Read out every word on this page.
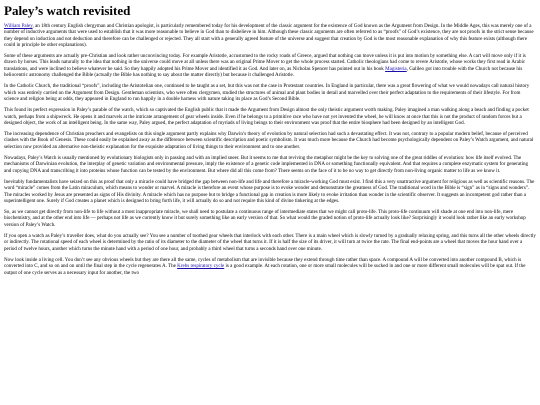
Paley’s watch revisited

William Paley, an 18th century English clergyman and Christian apologist, is particularly remembered today for his development of the classic argument for the existence of God known as the Argument from Design. In the Middle Ages, this was merely one of a number of inductive arguments that were used to establish that it was more reasonable to believe in God than to disbelieve in him. Although these classic arguments are often referred to as “proofs” of God’s existence, they are not proofs in the strict sense because they depend on induction and not deduction and therefore can be challenged or rejected. They all start with a generally agreed feature of the universe and suggest that creation by God is the most reasonable explanation of why this feature exists (although there could in principle be other explanations).

Some of these arguments are actually pre-Christian and look rather unconvincing today. For example Aristotle, accustomed to the rocky roads of Greece, argued that nothing can move unless it is put into motion by something else. A cart will move only if it is drawn by horses. This leads naturally to the idea that nothing in the universe could move at all unless there was an original Prime Mover to get the whole process started. Catholic theologians had come to revere Aristotle, whose works they first read in Arabic translations, and were inclined to believe whatever he said. So they happily adopted his Prime Mover and identified it as God. And later on, as Nicholas Spencer has pointed out in his book Magisteria, Galileo got into trouble with the Church not because his heliocentric astronomy challenged the Bible (actually the Bible has nothing to say about the matter directly) but because it challenged Aristotle.

In the Catholic Church, the traditional “proofs”, including the Aristotelian one, continued to be taught as a set, but this was not the case in Protestant countries. In England in particular, there was a great flowering of what we would nowadays call natural history which was entirely carried on the Argument from Design. Gentleman scientists, who were often clergymen, studied the structures of animal and plant bodies in detail and marvelled over their perfect adaptation to the requirements of their lifestyle. For from science and religion being at odds, they appeared in England to run happily in a double harness with nature taking its place as God’s Second Bible.

This found its perfect expression in Paley’s parable of the watch, which so captivated the English public that it made the Argument from Design almost the only theistic argument worth making. Paley imagined a man walking along a beach and finding a pocket watch, perhaps from a shipwreck. He opens it and marvels at the intricate arrangement of gear wheels inside. Even if he belongs to a primitive race who have not yet invented the wheel, he will know at once that this is not the product of random forces but a designed object, the work of an intelligent being. In the same way, Paley argued, the perfect adaptation of myriads of living beings to their environment was proof that the entire biosphere had been designed by an intelligent God.

The increasing dependence of Christian preachers and evangelists on this single argument partly explains why Darwin’s theory of evolution by natural selection had such a devastating effect. It was not, contrary to a popular modern belief, because of perceived clashes with the Book of Genesis. These could easily be explained away as the difference between scientific description and poetic symbolism. It was much more because the Church had become psychologically dependent on Paley’s Watch argument, and natural selection now provided an alternative non-theistic explanation for the exquisite adaptation of living things to their environment and to one another.

Nowadays, Paley’s Watch is usually mentioned by evolutionary biologists only in passing and with an implied sneer. But it seems to me that reviving the metaphor might be the key to solving one of the great riddles of evolution: how life itself evolved. The mechanisms of Darwinian evolution, the interplay of genetic variation and environmental pressure, imply the existence of a genetic code implemented in DNA or something functionally equivalent. And that requires a complete enzymatic system for generating and copying DNA and transcribing it into proteins whose function can be tested by the environment. But where did all this come from? There seems on the face of it to be no way to get directly from non-living organic matter to life as we know it.

Inevitably fundamentalists have seized on this as proof that only a miracle could have bridged the gap between non-life and life and therefore a miracle-working God must exist. I find this a very unattractive argument for religious as well as scientific reasons. The word “miracle” comes from the Latin miraculum, which means to wonder or marvel. A miracle is therefore an event whose purpose is to evoke wonder and demonstrate the greatness of God. The traditional word in the Bible is “sign” as in “signs and wonders”. The miracles worked by Jesus are presented as signs of His divinity. A miracle which has no purpose but to bridge a functional gap in creation is more likely to evoke irritation than wonder in the scientific observer. It suggests an incompetent god rather than a superintelligent one. Surely if God creates a planet which is designed to bring forth life, it will actually do so and not require this kind of divine tinkering at the edges.

So, as we cannot get directly from non-life to life without a most inappropriate miracle, we shall need to postulate a continuous range of intermediate states that we might call proto-life. This proto-life continuum will shade at one end into non-life, mere biochemistry, and at the other end into life — perhaps not life as we currently know it but surely something like an early version of that. So what would the graded notion of proto-life actually look like? Surprisingly it would look rather like an early workshop version of Paley’s Watch.

If you open a watch as Paley’s traveller does, what do you actually see? You see a number of toothed gear wheels that interlock with each other. There is a main wheel which is slowly turned by a gradually relaxing spring, and this turns all the other wheels directly or indirectly. The rotational speed of each wheel is determined by the ratio of its diameter to the diameter of the wheel that turns it. If it is half the size of its driver, it will turn at twice the rate. The final end-points are a wheel that moves the hour hand over a period of twelve hours, another which turns the minute hand with a period of one hour, and probably a third wheel that turns a seconds hand over one minute.

Now look inside a living cell. You don’t see any obvious wheels but they are there all the same, cycles of metabolism that are invisible because they extend through time rather than space. A compound A will be converted into another compound B, which is converted into C, and so on and on until the final step in the cycle regenerates A. The Krebs respiratory cycle is a good example. At each rotation, one or more small molecules will be sucked in and one or more different small molecules will be spat out. If the output of one cycle serves as a necessary input for another, the two
